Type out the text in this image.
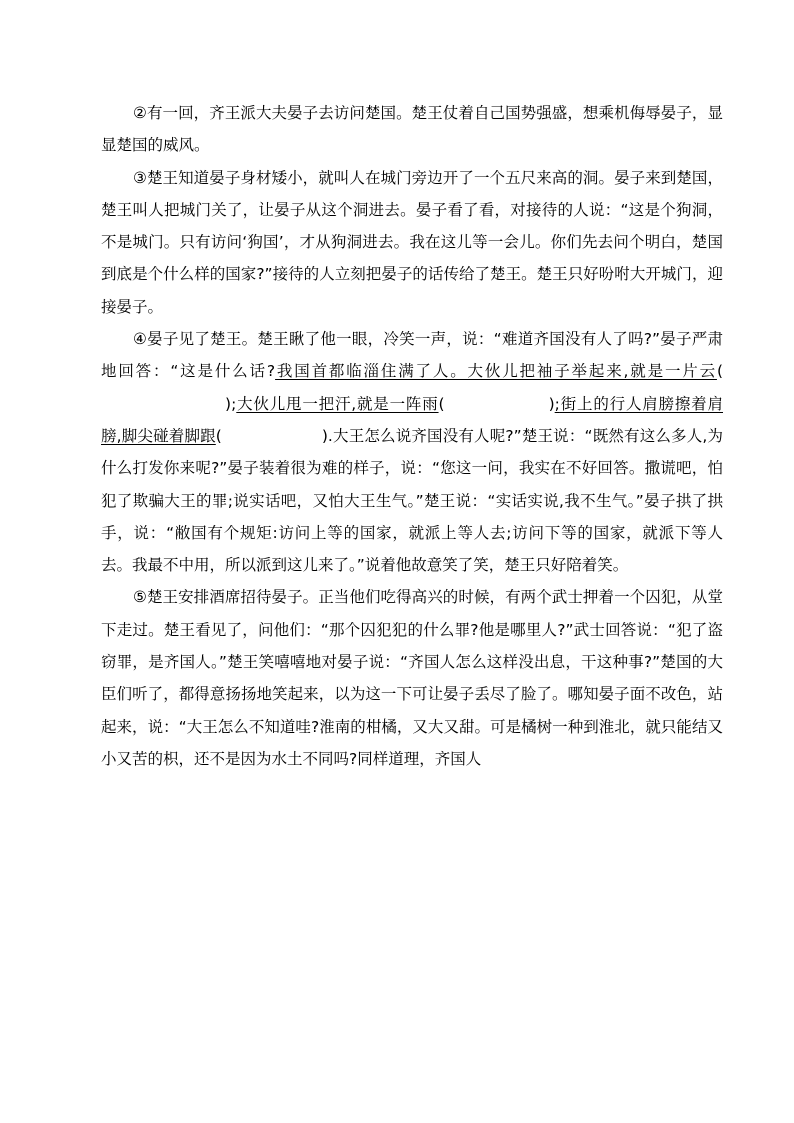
②有一回，齐王派大夫晏子去访问楚国。楚王仗着自己国势强盛，想乘机侮辱晏子，显显楚国的威风。

③楚王知道晏子身材矮小，就叫人在城门旁边开了一个五尺来高的洞。晏子来到楚国，楚王叫人把城门关了，让晏子从这个洞进去。晏子看了看，对接待的人说：“这是个狗洞，不是城门。只有访问‘狗国’，才从狗洞进去。我在这儿等一会儿。你们先去问个明白，楚国到底是个什么样的国家?”接待的人立刻把晏子的话传给了楚王。楚王只好吩咐大开城门，迎接晏子。

④晏子见了楚王。楚王瞅了他一眼，冷笑一声，说：“难道齐国没有人了吗?”晏子严肃地回答：“这是什么话?我国首都临淄住满了人。大伙儿把袖子举起来,就是一片云();大伙儿甩一把汗,就是一阵雨(	);街上的行人肩膀擦着肩膀,脚尖碰着脚跟(	).大王怎么说齐国没有人呢?”楚王说：“既然有这么多人,为什么打发你来呢?”晏子装着很为难的样子，说：“您这一问，我实在不好回答。撒谎吧，怕犯了欺骗大王的罪;说实话吧，又怕大王生气。”楚王说：“实话实说,我不生气。”晏子拱了拱手，说：“敝国有个规矩:访问上等的国家，就派上等人去;访问下等的国家，就派下等人去。我最不中用，所以派到这儿来了。”说着他故意笑了笑，楚王只好陪着笑。

⑤楚王安排酒席招待晏子。正当他们吃得高兴的时候，有两个武士押着一个囚犯，从堂下走过。楚王看见了，问他们：“那个囚犯犯的什么罪?他是哪里人?”武士回答说：“犯了盗窃罪，是齐国人。”楚王笑嘻嘻地对晏子说：“齐国人怎么这样没出息，干这种事?”楚国的大臣们听了，都得意扬扬地笑起来，以为这一下可让晏子丢尽了脸了。哪知晏子面不改色，站起来，说：“大王怎么不知道哇?淮南的柑橘，又大又甜。可是橘树一种到淮北，就只能结又小又苦的枳，还不是因为水土不同吗?同样道理，齐国人
